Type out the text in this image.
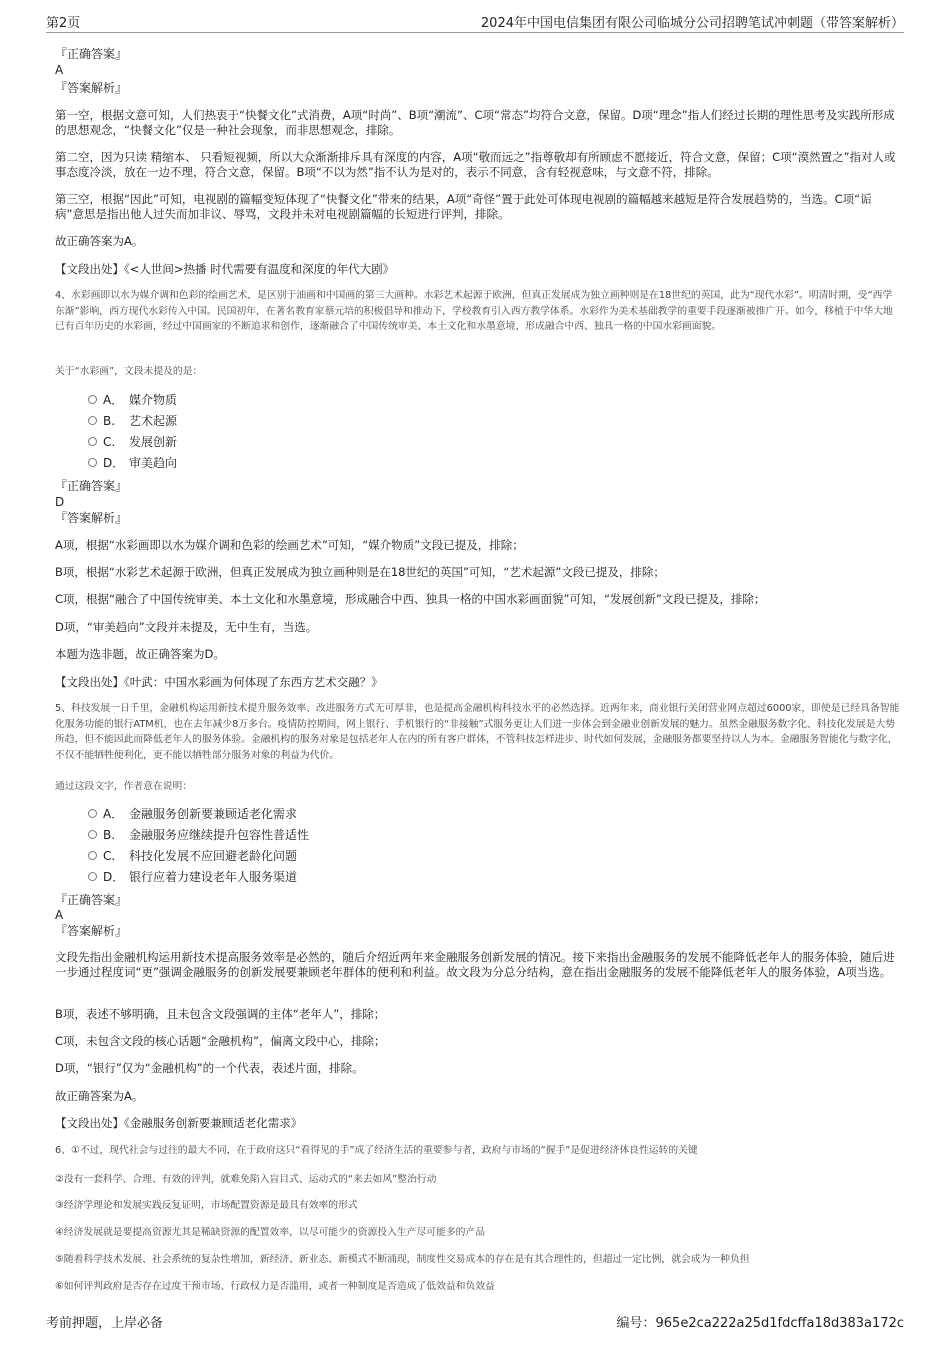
第2页	2024年中国电信集团有限公司临城分公司招聘笔试冲刺题（带答案解析）
『正确答案』
A
『答案解析』
第一空，根据文意可知，人们热衷于“快餐文化”式消费，A项“时尚”、B项“潮流”、C项“常态”均符合文意，保留。D项“理念”指人们经过长期的理性思考及实践所形成的思想观念，“快餐文化”仅是一种社会现象，而非思想观念，排除。
第二空，因为只读 精缩本、 只看短视频，所以大众渐渐排斥具有深度的内容，A项“敬而远之”指尊敬却有所顾虑不愿接近，符合文意，保留；C项“漠然置之”指对人或事态度冷淡，放在一边不理，符合文意，保留。B项“不以为然”指不认为是对的，表示不同意，含有轻视意味，与文意不符，排除。
第三空，根据“因此”可知，电视剧的篇幅变短体现了“快餐文化”带来的结果，A项“奇怪”置于此处可体现电视剧的篇幅越来越短是符合发展趋势的，当选。C项“诟病”意思是指出他人过失而加非议、辱骂，文段并未对电视剧篇幅的长短进行评判，排除。
故正确答案为A。
【文段出处】《<人世间>热播 时代需要有温度和深度的年代大剧》
4、水彩画即以水为媒介调和色彩的绘画艺术，是区别于油画和中国画的第三大画种。水彩艺术起源于欧洲，但真正发展成为独立画种则是在18世纪的英国，此为“现代水彩”。明清时期，受“西学东渐”影响，西方现代水彩传入中国。民国初年，在著名教育家蔡元培的积极倡导和推动下，学校教育引入西方教学体系。水彩作为美术基础教学的重要手段逐渐被推广开。如今，移植于中华大地已有百年历史的水彩画，经过中国画家的不断追求和创作，逐渐融合了中国传统审美、本土文化和水墨意境，形成融合中西、独具一格的中国水彩画面貌。
关于“水彩画”，文段未提及的是：
A． 媒介物质
B. 艺术起源
C. 发展创新
D． 审美趋向
『正确答案』
D
『答案解析』
A项，根据“水彩画即以水为媒介调和色彩的绘画艺术”可知，“媒介物质”文段已提及，排除；
B项，根据“水彩艺术起源于欧洲，但真正发展成为独立画种则是在18世纪的英国”可知，“艺术起源”文段已提及，排除；
C项，根据“融合了中国传统审美、本土文化和水墨意境，形成融合中西、独具一格的中国水彩画面貌”可知，“发展创新”文段已提及，排除；
D项，“审美趋向”文段并未提及，无中生有，当选。
本题为选非题，故正确答案为D。
【文段出处】《叶武：中国水彩画为何体现了东西方艺术交融？》
5、科技发展一日千里，金融机构运用新技术提升服务效率、改进服务方式无可厚非，也是提高金融机构科技水平的必然选择。近两年来，商业银行关闭营业网点超过6000家，即使是已经具备智能化服务功能的银行ATM机，也在去年减少8万多台。疫情防控期间，网上银行、手机银行的“非接触”式服务更让人们进一步体会到金融业创新发展的魅力。虽然金融服务数字化、科技化发展是大势所趋，但不能因此而降低老年人的服务体验。金融机构的服务对象是包括老年人在内的所有客户群体，不管科技怎样进步、时代如何发展，金融服务都要坚持以人为本。金融服务智能化与数字化，不仅不能牺牲便利化，更不能以牺牲部分服务对象的利益为代价。
通过这段文字，作者意在说明：
A． 金融服务创新要兼顾适老化需求
B. 金融服务应继续提升包容性普适性
C. 科技化发展不应回避老龄化问题
D． 银行应着力建设老年人服务渠道
『正确答案』
A
『答案解析』
文段先指出金融机构运用新技术提高服务效率是必然的，随后介绍近两年来金融服务创新发展的情况。接下来指出金融服务的发展不能降低老年人的服务体验，随后进一步通过程度词“更”强调金融服务的创新发展要兼顾老年群体的便利和利益。故文段为分总分结构，意在指出金融服务的发展不能降低老年人的服务体验，A项当选。
B项，表述不够明确，且未包含文段强调的主体“老年人”，排除；
C项，未包含文段的核心话题“金融机构”，偏离文段中心，排除；
D项，“银行”仅为“金融机构”的一个代表，表述片面，排除。
故正确答案为A。
【文段出处】《金融服务创新要兼顾适老化需求》
6、①不过，现代社会与过往的最大不同，在于政府这只“看得见的手”成了经济生活的重要参与者，政府与市场的“握手”是促进经济体良性运转的关键
②没有一套科学、合理、有效的评判，就难免陷入盲目式、运动式的“来去如风”整治行动
③经济学理论和发展实践反复证明，市场配置资源是最具有效率的形式
④经济发展就是要提高资源尤其是稀缺资源的配置效率，以尽可能少的资源投入生产尽可能多的产品
⑤随着科学技术发展、社会系统的复杂性增加，新经济、新业态、新模式不断涌现，制度性交易成本的存在是有其合理性的，但超过一定比例，就会成为一种负担
⑥如何评判政府是否存在过度干预市场、行政权力是否滥用，或者一种制度是否造成了低效益和负效益
考前押题，上岸必备	编号：965e2ca222a25d1fdcffa18d383a172c
